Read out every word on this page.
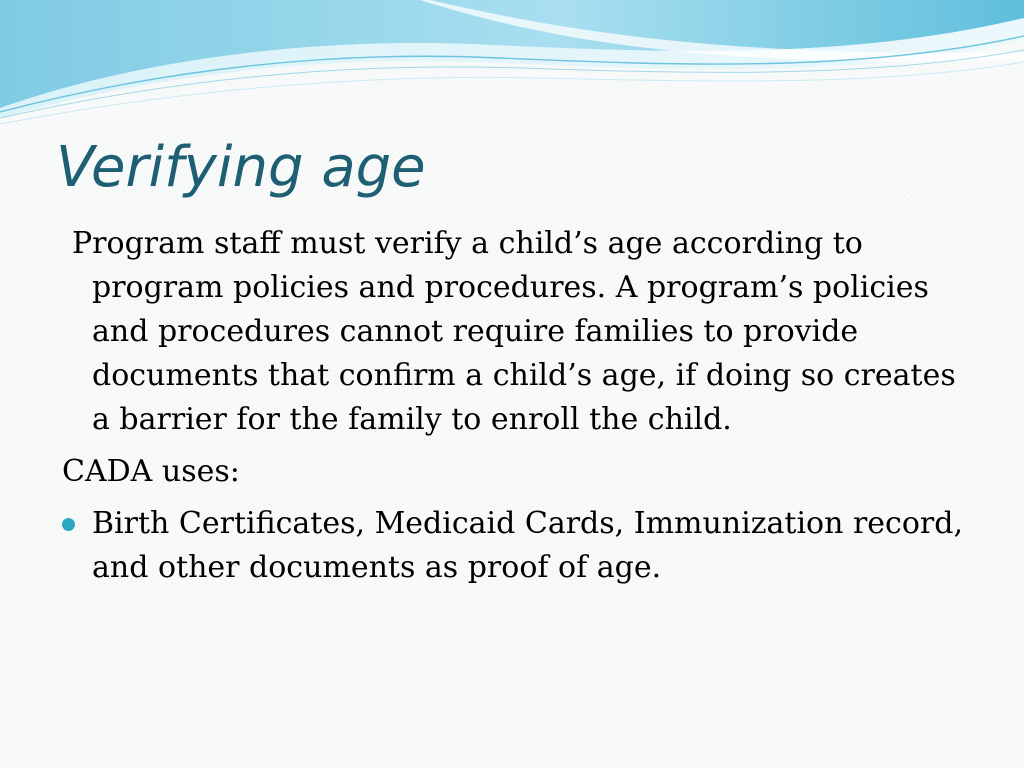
Verifying age

Program staff must verify a child’s age according to program policies and procedures. A program’s policies and procedures cannot require families to provide documents that confirm a child’s age, if doing so creates a barrier for the family to enroll the child.

CADA uses:

Birth Certificates, Medicaid Cards, Immunization record, and other documents as proof of age.
